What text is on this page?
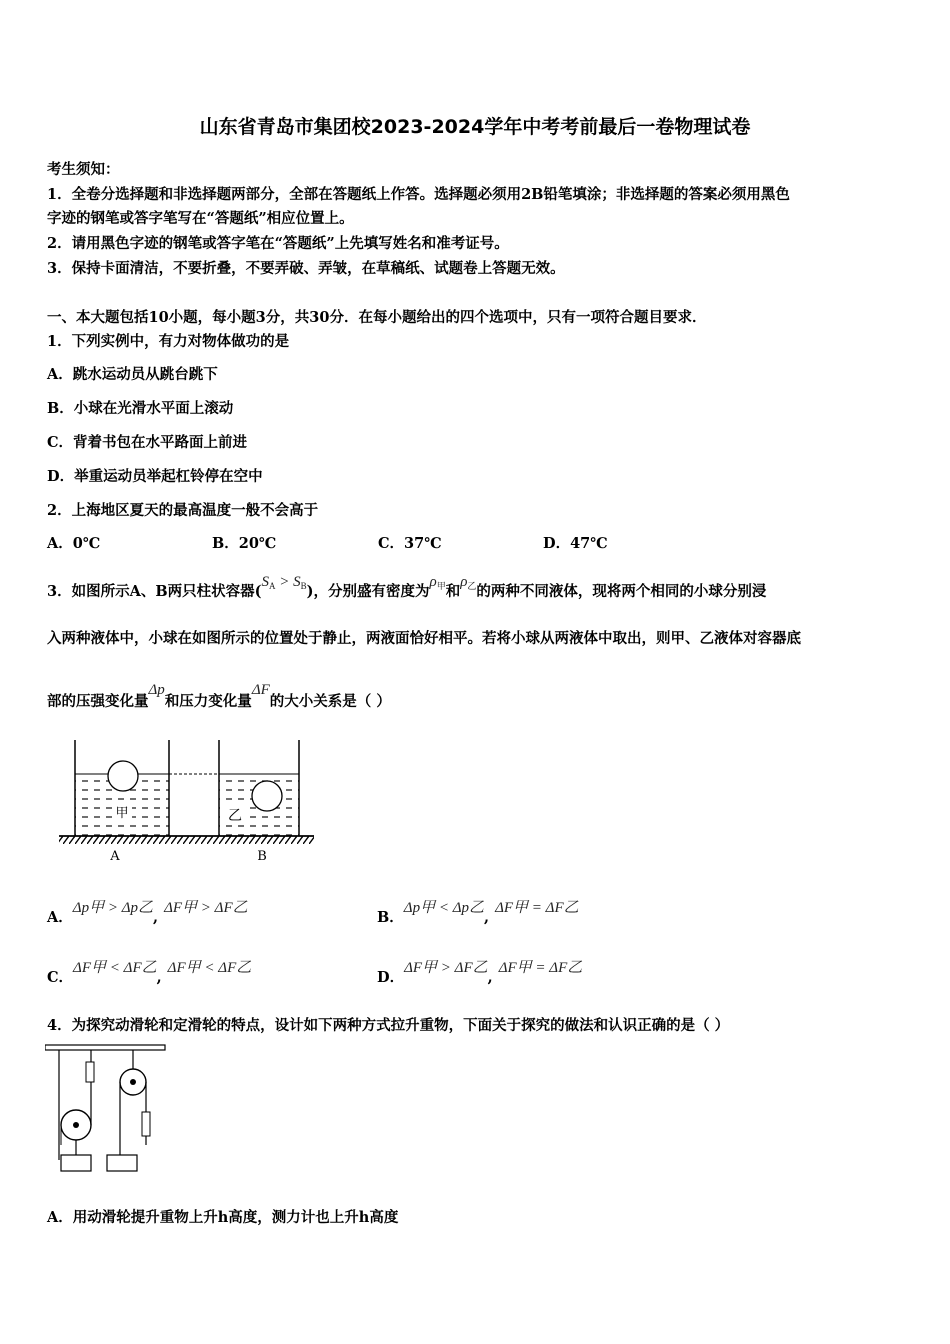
山东省青岛市集团校2023-2024学年中考考前最后一卷物理试卷
考生须知：
1．全卷分选择题和非选择题两部分，全部在答题纸上作答。选择题必须用2B铅笔填涂；非选择题的答案必须用黑色
字迹的钢笔或答字笔写在“答题纸”相应位置上。
2．请用黑色字迹的钢笔或答字笔在“答题纸”上先填写姓名和准考证号。
3．保持卡面清洁，不要折叠，不要弄破、弄皱，在草稿纸、试题卷上答题无效。
一、本大题包括10小题，每小题3分，共30分．在每小题给出的四个选项中，只有一项符合题目要求．
1．下列实例中，有力对物体做功的是
A．跳水运动员从跳台跳下
B．小球在光滑水平面上滚动
C．背着书包在水平路面上前进
D．举重运动员举起杠铃停在空中
2．上海地区夏天的最高温度一般不会高于
A．0℃	B．20℃	C．37℃	D．47℃
3．如图所示A、B两只柱状容器$(S_A > S_B)$，分别盛有密度为$\rho_甲$和$\rho_乙$的两种不同液体，现将两个相同的小球分别浸
入两种液体中，小球在如图所示的位置处于静止，两液面恰好相平。若将小球从两液体中取出，则甲、乙液体对容器底
部的压强变化量Δp和压力变化量ΔF的大小关系是（ ）
甲	乙
A	B
A．Δp甲 > Δp乙,ΔF甲 > ΔF乙
B．Δp甲 < Δp乙,ΔF甲 = ΔF乙
C．ΔF甲 < ΔF乙,ΔF甲 < ΔF乙
D．ΔF甲 > ΔF乙,ΔF甲 = ΔF乙
4．为探究动滑轮和定滑轮的特点，设计如下两种方式拉升重物，下面关于探究的做法和认识正确的是（ ）
A．用动滑轮提升重物上升h高度，测力计也上升h高度
